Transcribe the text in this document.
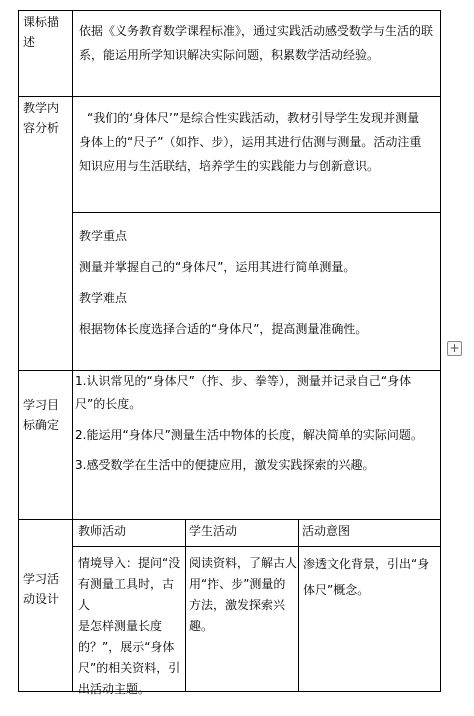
课标描
述
依据《义务教育数学课程标准》，通过实践活动感受数学与生活的联
系，能运用所学知识解决实际问题，积累数学活动经验。
教学内
容分析
“我们的‘身体尺’”是综合性实践活动，教材引导学生发现并测量
身体上的“尺子”（如拃、步），运用其进行估测与测量。活动注重
知识应用与生活联结，培养学生的实践能力与创新意识。
教学重点
测量并掌握自己的“身体尺”，运用其进行简单测量。
教学难点
根据物体长度选择合适的“身体尺”，提高测量准确性。
学习目
标确定
1.认识常见的“身体尺”（拃、步、拳等），测量并记录自己“身体
尺”的长度。
2.能运用“身体尺”测量生活中物体的长度，解决简单的实际问题。
3.感受数学在生活中的便捷应用，激发实践探索的兴趣。
学习活
动设计
教师活动	学生活动	活动意图
情境导入：提问“没
有测量工具时，古人
是怎样测量长度
的？”，展示“身体
尺”的相关资料，引
出活动主题。
阅读资料，了解古人
用“拃、步”测量的
方法，激发探索兴
趣。
渗透文化背景，引出“身
体尺”概念。
+
